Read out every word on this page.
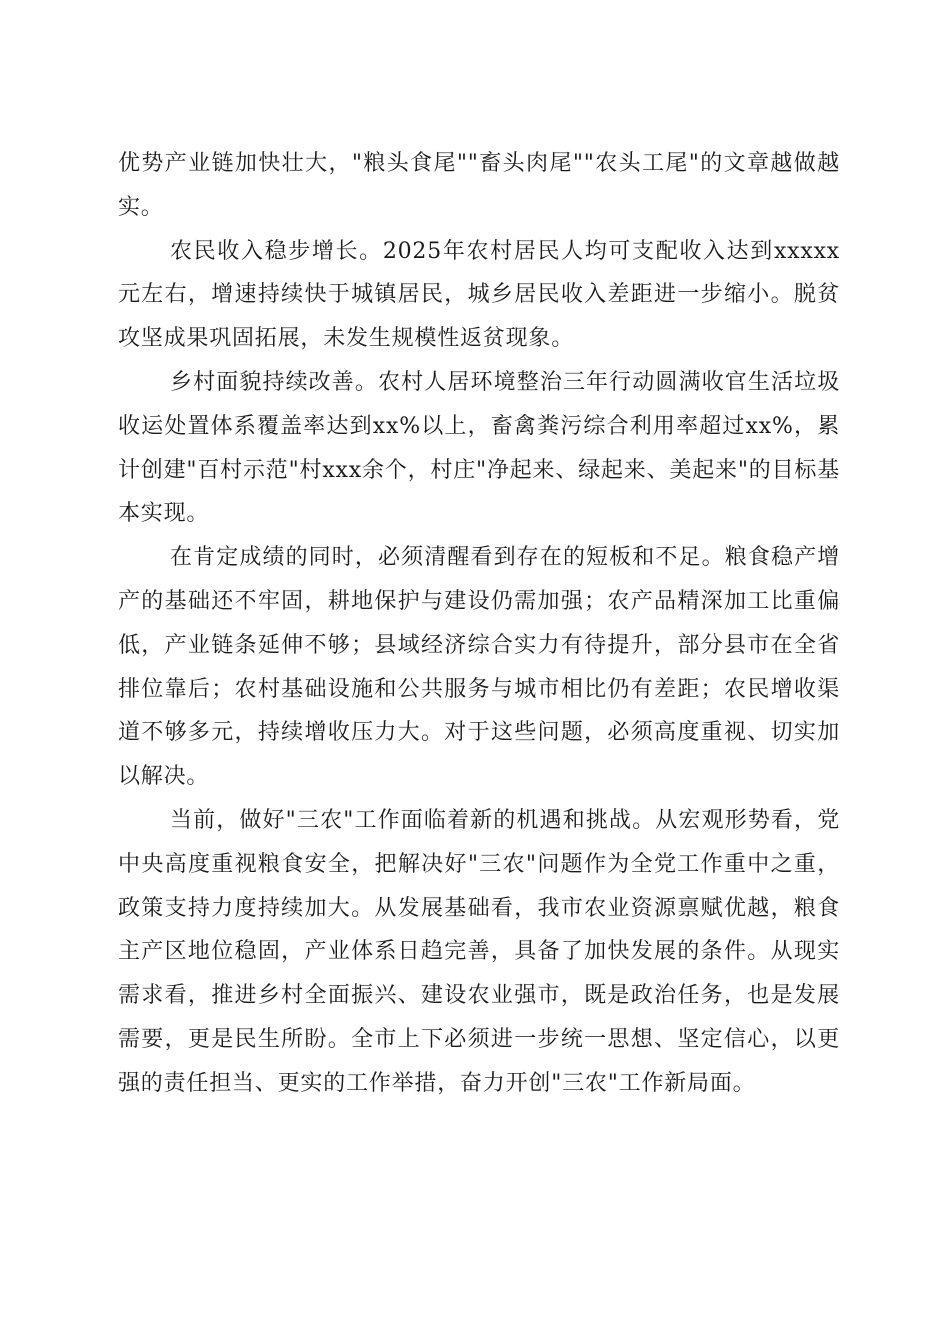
优势产业链加快壮大，"粮头食尾""畜头肉尾""农头工尾"的文章越做越实。

农民收入稳步增长。2025年农村居民人均可支配收入达到xxxxx元左右，增速持续快于城镇居民，城乡居民收入差距进一步缩小。脱贫攻坚成果巩固拓展，未发生规模性返贫现象。

乡村面貌持续改善。农村人居环境整治三年行动圆满收官生活垃圾收运处置体系覆盖率达到xx%以上，畜禽粪污综合利用率超过xx%，累计创建"百村示范"村xxx余个，村庄"净起来、绿起来、美起来"的目标基本实现。

在肯定成绩的同时，必须清醒看到存在的短板和不足。粮食稳产增产的基础还不牢固，耕地保护与建设仍需加强；农产品精深加工比重偏低，产业链条延伸不够；县域经济综合实力有待提升，部分县市在全省排位靠后；农村基础设施和公共服务与城市相比仍有差距；农民增收渠道不够多元，持续增收压力大。对于这些问题，必须高度重视、切实加以解决。

当前，做好"三农"工作面临着新的机遇和挑战。从宏观形势看，党中央高度重视粮食安全，把解决好"三农"问题作为全党工作重中之重，政策支持力度持续加大。从发展基础看，我市农业资源禀赋优越，粮食主产区地位稳固，产业体系日趋完善，具备了加快发展的条件。从现实需求看，推进乡村全面振兴、建设农业强市，既是政治任务，也是发展需要，更是民生所盼。全市上下必须进一步统一思想、坚定信心，以更强的责任担当、更实的工作举措，奋力开创"三农"工作新局面。
